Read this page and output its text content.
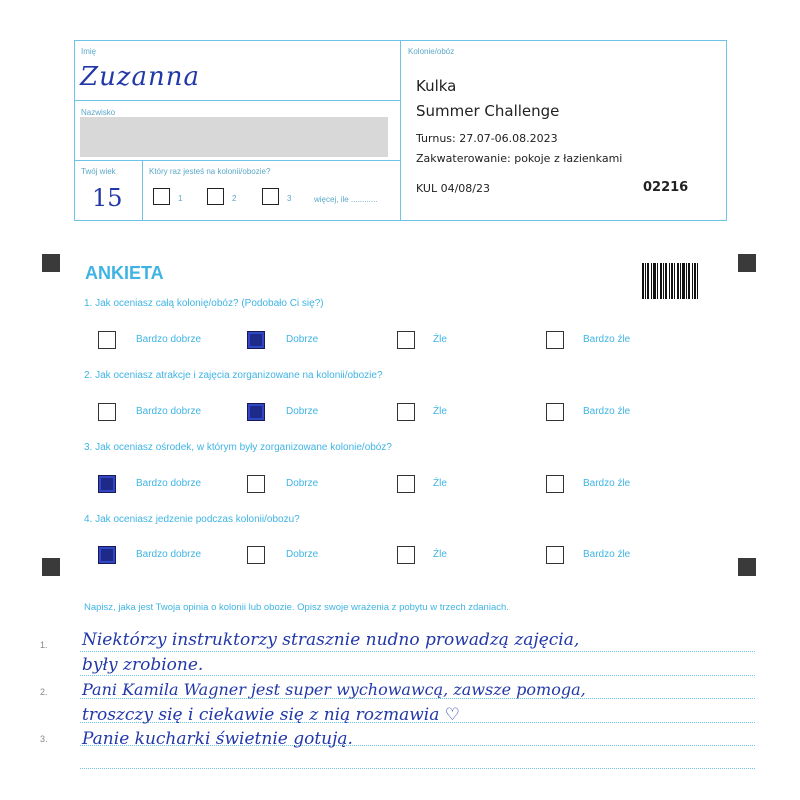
Imię
Zuzanna
Nazwisko
Twój wiek
15
Który raz jesteś na kolonii/obozie?
1	2	3	więcej, ile ............
Kolonie/obóz
Kulka
Summer Challenge
Turnus: 27.07-06.08.2023
Zakwaterowanie: pokoje z łazienkami
KUL 04/08/23	02216
ANKIETA
1. Jak oceniasz całą kolonię/obóz? (Podobało Ci się?)
2. Jak oceniasz atrakcje i zajęcia zorganizowane na kolonii/obozie?
3. Jak oceniasz ośrodek, w którym były zorganizowane kolonie/obóz?
4. Jak oceniasz jedzenie podczas kolonii/obozu?
Bardzo dobrze	Dobrze	Źle	Bardzo źle
Bardzo dobrze	Dobrze	Źle	Bardzo źle
Bardzo dobrze	Dobrze	Źle	Bardzo źle
Bardzo dobrze	Dobrze	Źle	Bardzo źle
Napisz, jaka jest Twoja opinia o kolonii lub obozie. Opisz swoje wrażenia z pobytu w trzech zdaniach.
1.
2.
3.
Niektórzy instruktorzy strasznie nudno prowadzą zajęcia,
były zrobione.
Pani Kamila Wagner jest super wychowawcą, zawsze pomoga,
troszczy się i ciekawie się z nią rozmawia ♡
Panie kucharki świetnie gotują.
